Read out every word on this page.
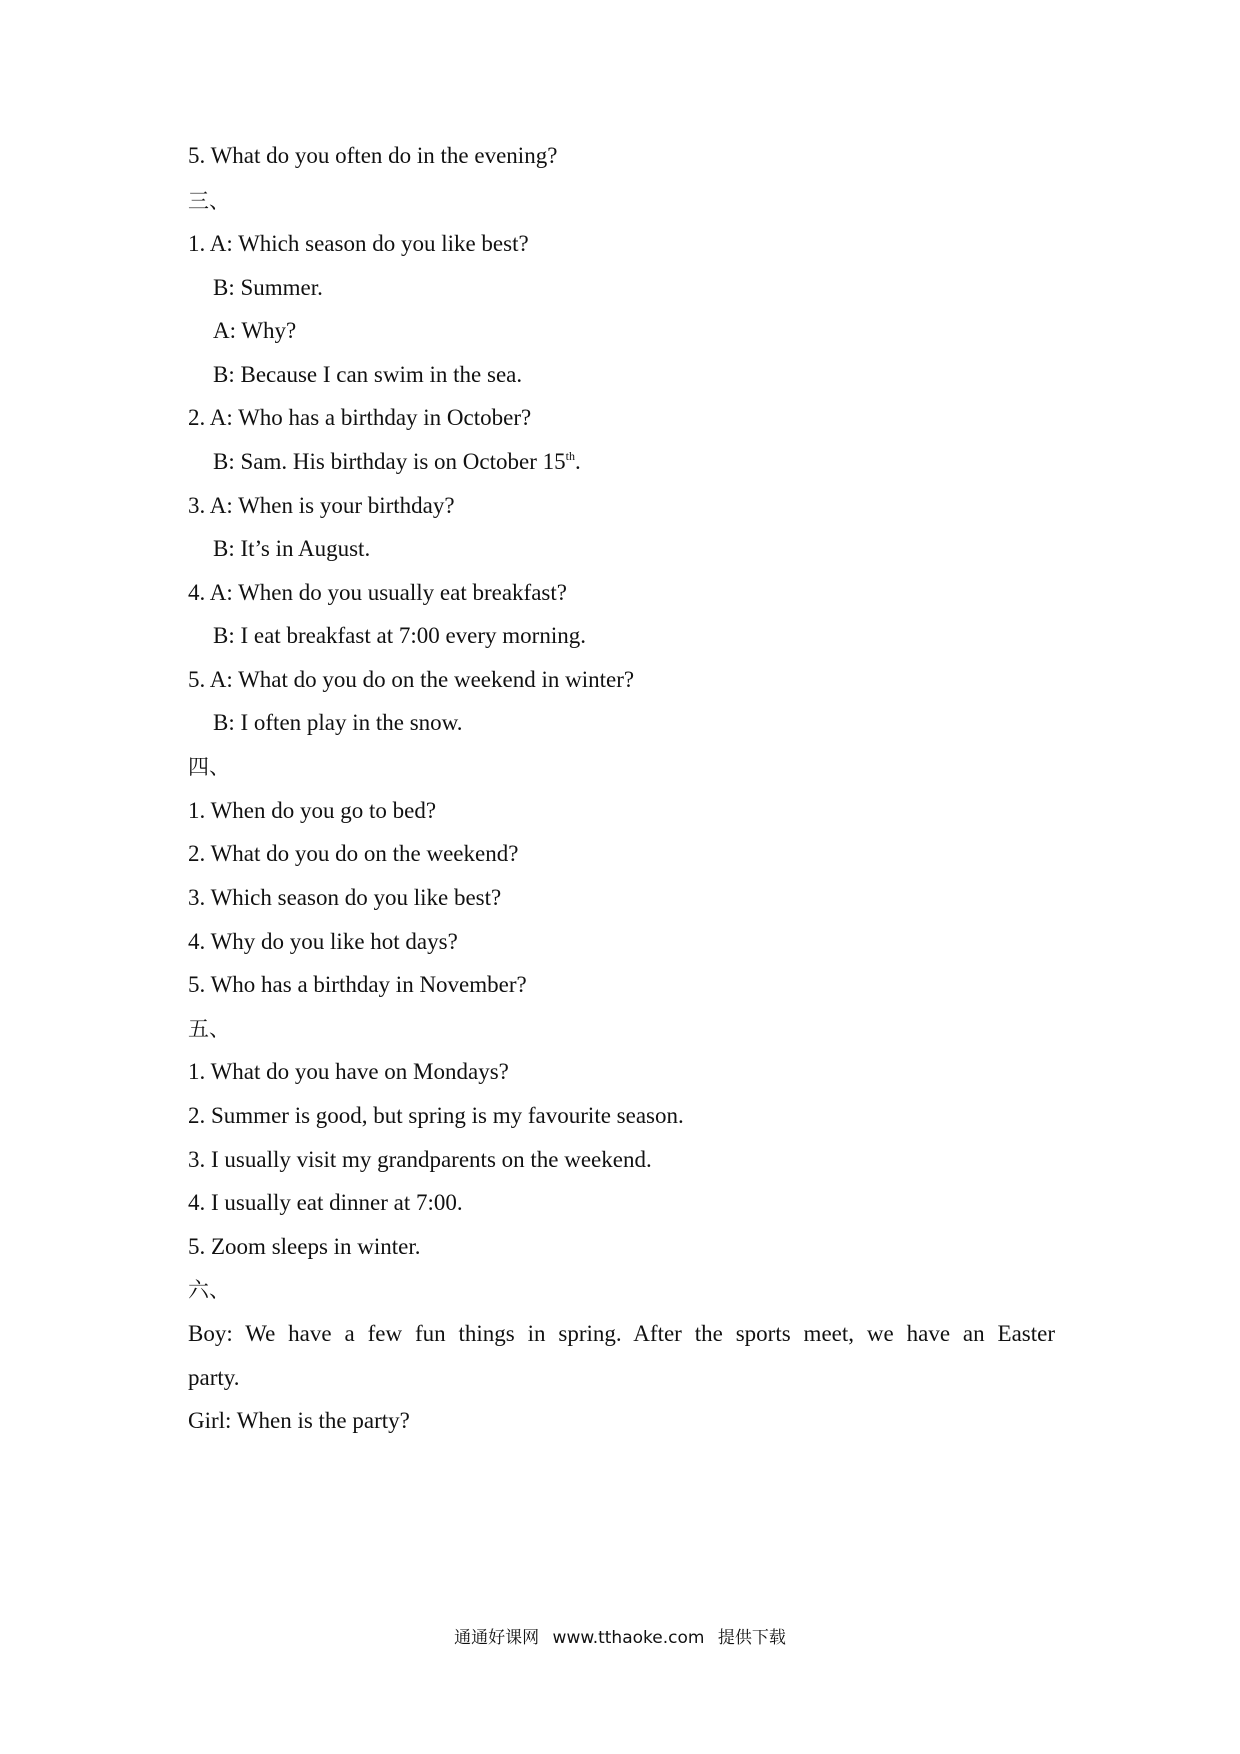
5. What do you often do in the evening?
三、
1. A: Which season do you like best?
B: Summer.
A: Why?
B: Because I can swim in the sea.
2. A: Who has a birthday in October?
B: Sam. His birthday is on October 15th.
3. A: When is your birthday?
B: It’s in August.
4. A: When do you usually eat breakfast?
B: I eat breakfast at 7:00 every morning.
5. A: What do you do on the weekend in winter?
B: I often play in the snow.
四、
1. When do you go to bed?
2. What do you do on the weekend?
3. Which season do you like best?
4. Why do you like hot days?
5. Who has a birthday in November?
五、
1. What do you have on Mondays?
2. Summer is good, but spring is my favourite season.
3. I usually visit my grandparents on the weekend.
4. I usually eat dinner at 7:00.
5. Zoom sleeps in winter.
六、
Boy: We have a few fun things in spring. After the sports meet, we have an Easter
party.
Girl: When is the party?
通通好课网 www.tthaoke.com 提供下载
